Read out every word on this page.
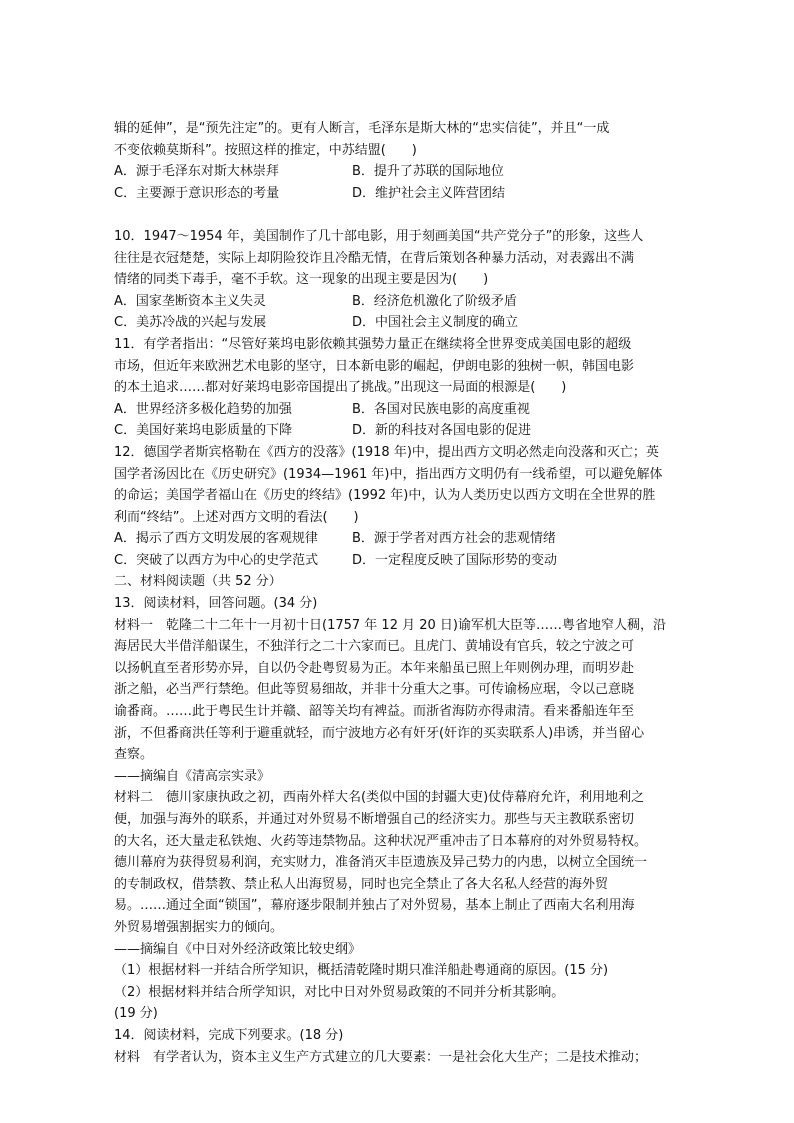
辑的延伸”，是“预先注定”的。更有人断言，毛泽东是斯大林的“忠实信徒”，并且“一成
不变依赖莫斯科”。按照这样的推定，中苏结盟(　　)
A．源于毛泽东对斯大林崇拜	B．提升了苏联的国际地位
C．主要源于意识形态的考量	D．维护社会主义阵营团结
10．1947～1954 年，美国制作了几十部电影，用于刻画美国“共产党分子”的形象，这些人
往往是衣冠楚楚，实际上却阴险狡诈且冷酷无情，在背后策划各种暴力活动，对表露出不满
情绪的同类下毒手，毫不手软。这一现象的出现主要是因为(　　)
A．国家垄断资本主义失灵	B．经济危机激化了阶级矛盾
C．美苏冷战的兴起与发展	D．中国社会主义制度的确立
11．有学者指出：“尽管好莱坞电影依赖其强势力量正在继续将全世界变成美国电影的超级
市场，但近年来欧洲艺术电影的坚守，日本新电影的崛起，伊朗电影的独树一帜，韩国电影
的本土追求……都对好莱坞电影帝国提出了挑战。”出现这一局面的根源是(　　)
A．世界经济多极化趋势的加强	B．各国对民族电影的高度重视
C．美国好莱坞电影质量的下降	D．新的科技对各国电影的促进
12．德国学者斯宾格勒在《西方的没落》(1918 年)中，提出西方文明必然走向没落和灭亡；英
国学者汤因比在《历史研究》(1934—1961 年)中，指出西方文明仍有一线希望，可以避免解体
的命运；美国学者福山在《历史的终结》(1992 年)中，认为人类历史以西方文明在全世界的胜
利而“终结”。上述对西方文明的看法(　　)
A．揭示了西方文明发展的客观规律	B．源于学者对西方社会的悲观情绪
C．突破了以西方为中心的史学范式	D．一定程度反映了国际形势的变动
二、材料阅读题（共 52 分）
13．阅读材料，回答问题。(34 分)
材料一　乾隆二十二年十一月初十日(1757 年 12 月 20 日)谕军机大臣等……粤省地窄人稠，沿
海居民大半借洋船谋生，不独洋行之二十六家而已。且虎门、黄埔设有官兵，较之宁波之可
以扬帆直至者形势亦异，自以仍令赴粤贸易为正。本年来船虽已照上年则例办理，而明岁赴
浙之船，必当严行禁绝。但此等贸易细故，并非十分重大之事。可传谕杨应琚，令以己意晓
谕番商。……此于粤民生计并赣、韶等关均有裨益。而浙省海防亦得肃清。看来番船连年至
浙，不但番商洪任等利于避重就轻，而宁波地方必有奸牙(奸诈的买卖联系人)串诱，并当留心
查察。
——摘编自《清高宗实录》
材料二　德川家康执政之初，西南外样大名(类似中国的封疆大吏)仗侍幕府允许，利用地利之
便，加强与海外的联系，并通过对外贸易不断增强自己的经济实力。那些与天主教联系密切
的大名，还大量走私铁炮、火药等违禁物品。这种状况严重冲击了日本幕府的对外贸易特权。
德川幕府为获得贸易利润，充实财力，准备消灭丰臣遗族及异己势力的内患，以树立全国统一
的专制政权，借禁教、禁止私人出海贸易，同时也完全禁止了各大名私人经营的海外贸
易。……通过全面“锁国”，幕府逐步限制并独占了对外贸易，基本上制止了西南大名利用海
外贸易增强割据实力的倾向。
——摘编自《中日对外经济政策比较史纲》
（1）根据材料一并结合所学知识，概括清乾隆时期只准洋船赴粤通商的原因。(15 分)
（2）根据材料并结合所学知识，对比中日对外贸易政策的不同并分析其影响。
(19 分)
14．阅读材料，完成下列要求。(18 分)
材料　有学者认为，资本主义生产方式建立的几大要素：一是社会化大生产；二是技术推动；
